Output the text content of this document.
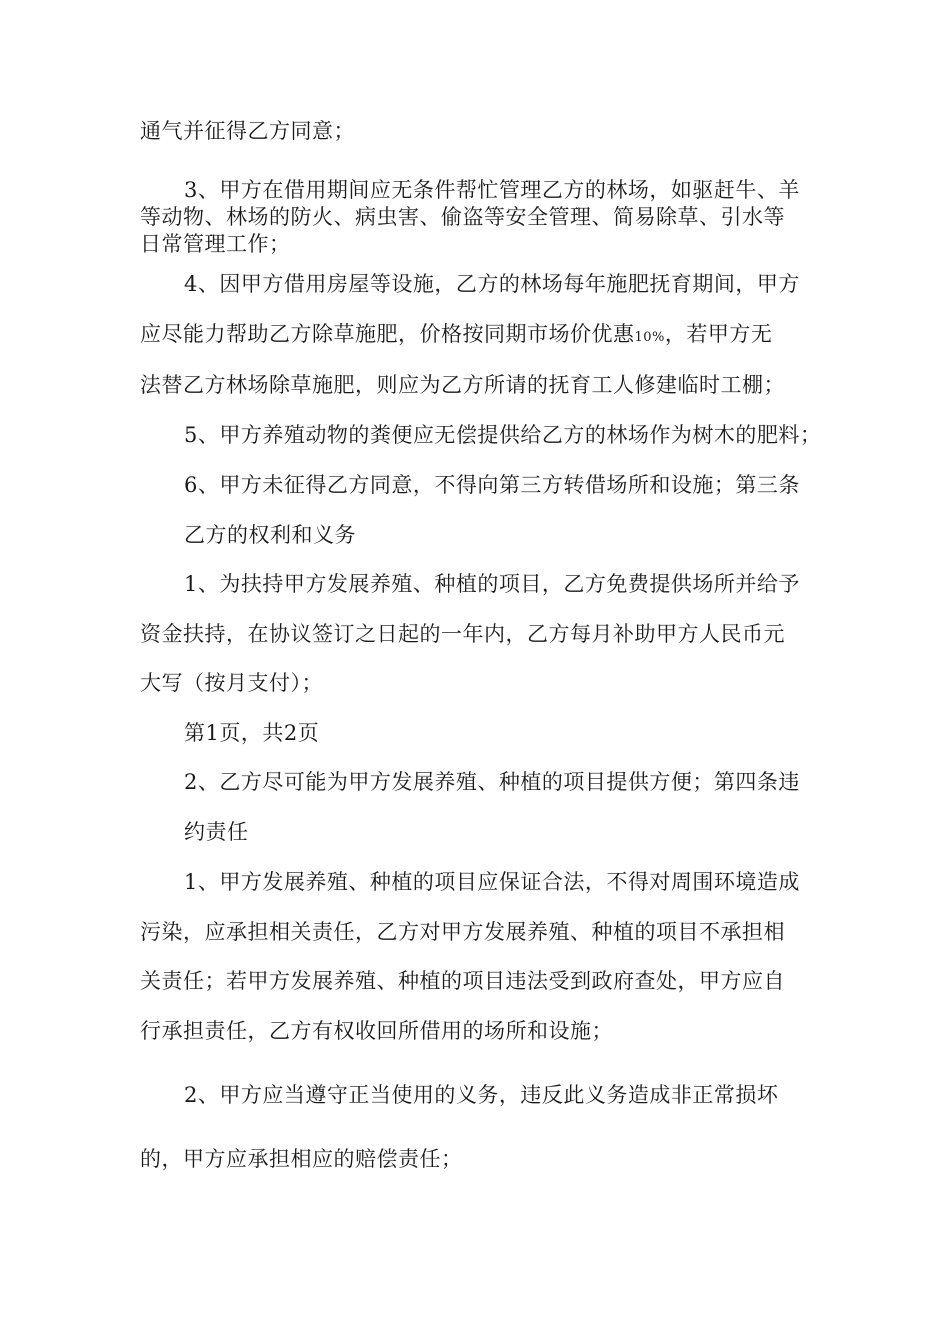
通气并征得乙方同意；
3、甲方在借用期间应无条件帮忙管理乙方的林场，如驱赶牛、羊
等动物、林场的防火、病虫害、偷盗等安全管理、简易除草、引水等
日常管理工作；
4、因甲方借用房屋等设施，乙方的林场每年施肥抚育期间，甲方
应尽能力帮助乙方除草施肥，价格按同期市场价优惠10%，若甲方无
法替乙方林场除草施肥，则应为乙方所请的抚育工人修建临时工棚；
5、甲方养殖动物的粪便应无偿提供给乙方的林场作为树木的肥料；
6、甲方未征得乙方同意，不得向第三方转借场所和设施；第三条
乙方的权利和义务
1、为扶持甲方发展养殖、种植的项目，乙方免费提供场所并给予
资金扶持，在协议签订之日起的一年内，乙方每月补助甲方人民币元
大写（按月支付）；
第1页，共2页
2、乙方尽可能为甲方发展养殖、种植的项目提供方便；第四条违
约责任
1、甲方发展养殖、种植的项目应保证合法，不得对周围环境造成
污染，应承担相关责任，乙方对甲方发展养殖、种植的项目不承担相
关责任；若甲方发展养殖、种植的项目违法受到政府查处，甲方应自
行承担责任，乙方有权收回所借用的场所和设施；
2、甲方应当遵守正当使用的义务，违反此义务造成非正常损坏
的，甲方应承担相应的赔偿责任；
